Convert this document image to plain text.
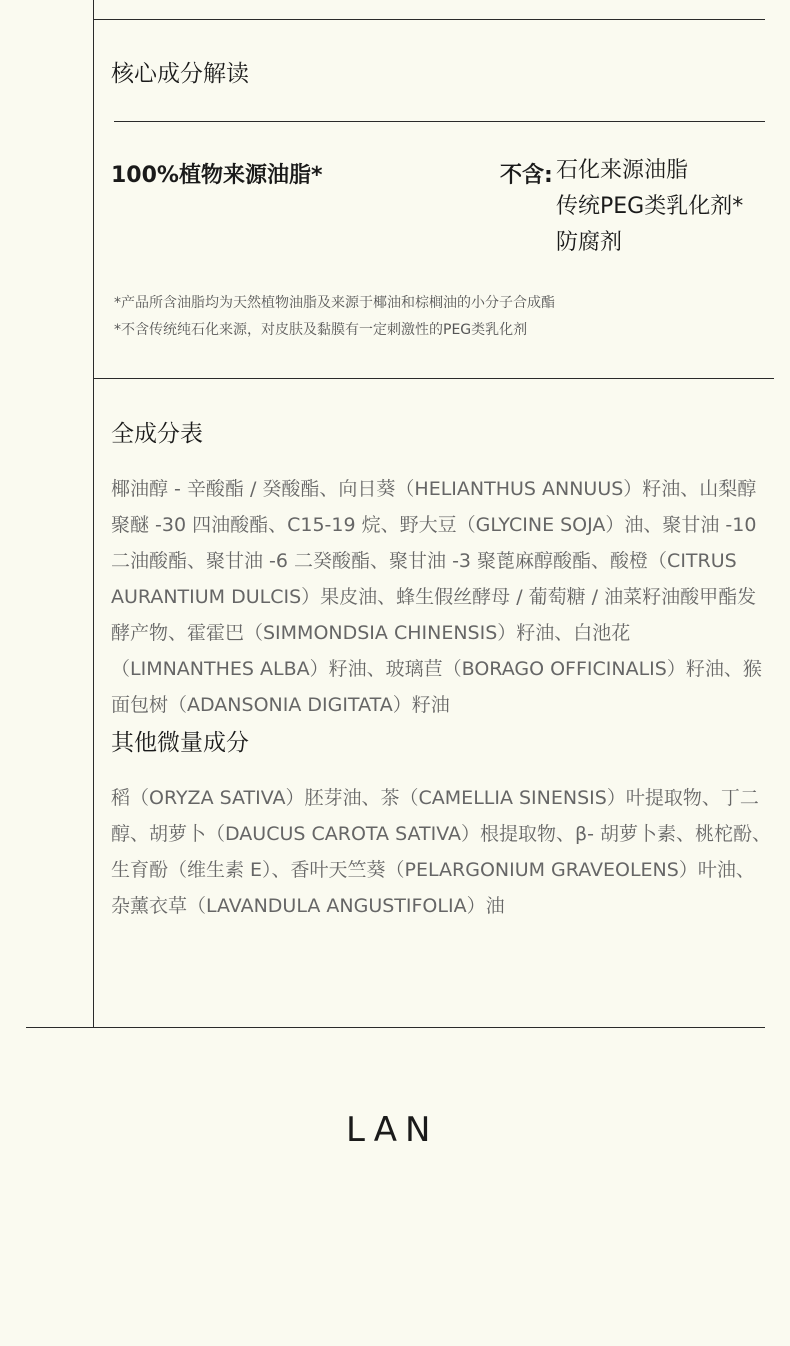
核心成分解读
100%植物来源油脂*	不含: 石化来源油脂
传统PEG类乳化剂*
防腐剂
*产品所含油脂均为天然植物油脂及来源于椰油和棕榈油的小分子合成酯
*不含传统纯石化来源，对皮肤及黏膜有一定刺激性的PEG类乳化剂
全成分表
椰油醇 - 辛酸酯 / 癸酸酯、向日葵（HELIANTHUS ANNUUS）籽油、山梨醇聚醚 -30 四油酸酯、C15-19 烷、野大豆（GLYCINE SOJA）油、聚甘油 -10 二油酸酯、聚甘油 -6 二癸酸酯、聚甘油 -3 聚蓖麻醇酸酯、酸橙（CITRUS AURANTIUM DULCIS）果皮油、蜂生假丝酵母 / 葡萄糖 / 油菜籽油酸甲酯发酵产物、霍霍巴（SIMMONDSIA CHINENSIS）籽油、白池花（LIMNANTHES ALBA）籽油、玻璃苣（BORAGO OFFICINALIS）籽油、猴面包树（ADANSONIA DIGITATA）籽油
其他微量成分
稻（ORYZA SATIVA）胚芽油、茶（CAMELLIA SINENSIS）叶提取物、丁二醇、胡萝卜（DAUCUS CAROTA SATIVA）根提取物、β- 胡萝卜素、桃柁酚、生育酚（维生素 E）、香叶天竺葵（PELARGONIUM GRAVEOLENS）叶油、杂薰衣草（LAVANDULA ANGUSTIFOLIA）油
LAN
